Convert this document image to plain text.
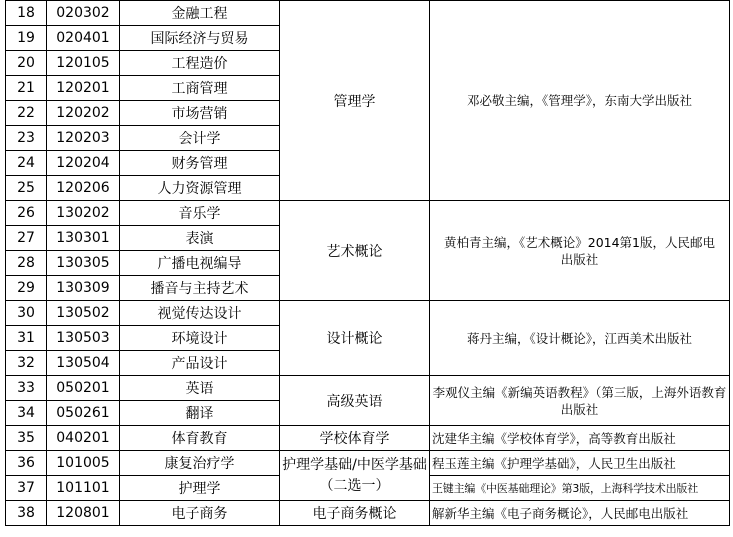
18	020302	金融工程	管理学	邓必敬主编，《管理学》，东南大学出版社
19	020401	国际经济与贸易		
20	120105	工程造价		
21	120201	工商管理		
22	120202	市场营销		
23	120203	会计学		
24	120204	财务管理		
25	120206	人力资源管理		
26	130202	音乐学	艺术概论	黄柏青主编，《艺术概论》2014第1版，人民邮电出版社
27	130301	表演		
28	130305	广播电视编导		
29	130309	播音与主持艺术		
30	130502	视觉传达设计	设计概论	蒋丹主编，《设计概论》，江西美术出版社
31	130503	环境设计		
32	130504	产品设计		
33	050201	英语	高级英语	李观仪主编《新编英语教程》（第三版，上海外语教育出版社
34	050261	翻译		
35	040201	体育教育	学校体育学	沈建华主编《学校体育学》，高等教育出版社
36	101005	康复治疗学	护理学基础/中医学基础（二选一）	程玉莲主编《护理学基础》，人民卫生出版社
37	101101	护理学		王键主编《中医基础理论》第3版，上海科学技术出版社
38	120801	电子商务	电子商务概论	解新华主编《电子商务概论》，人民邮电出版社
